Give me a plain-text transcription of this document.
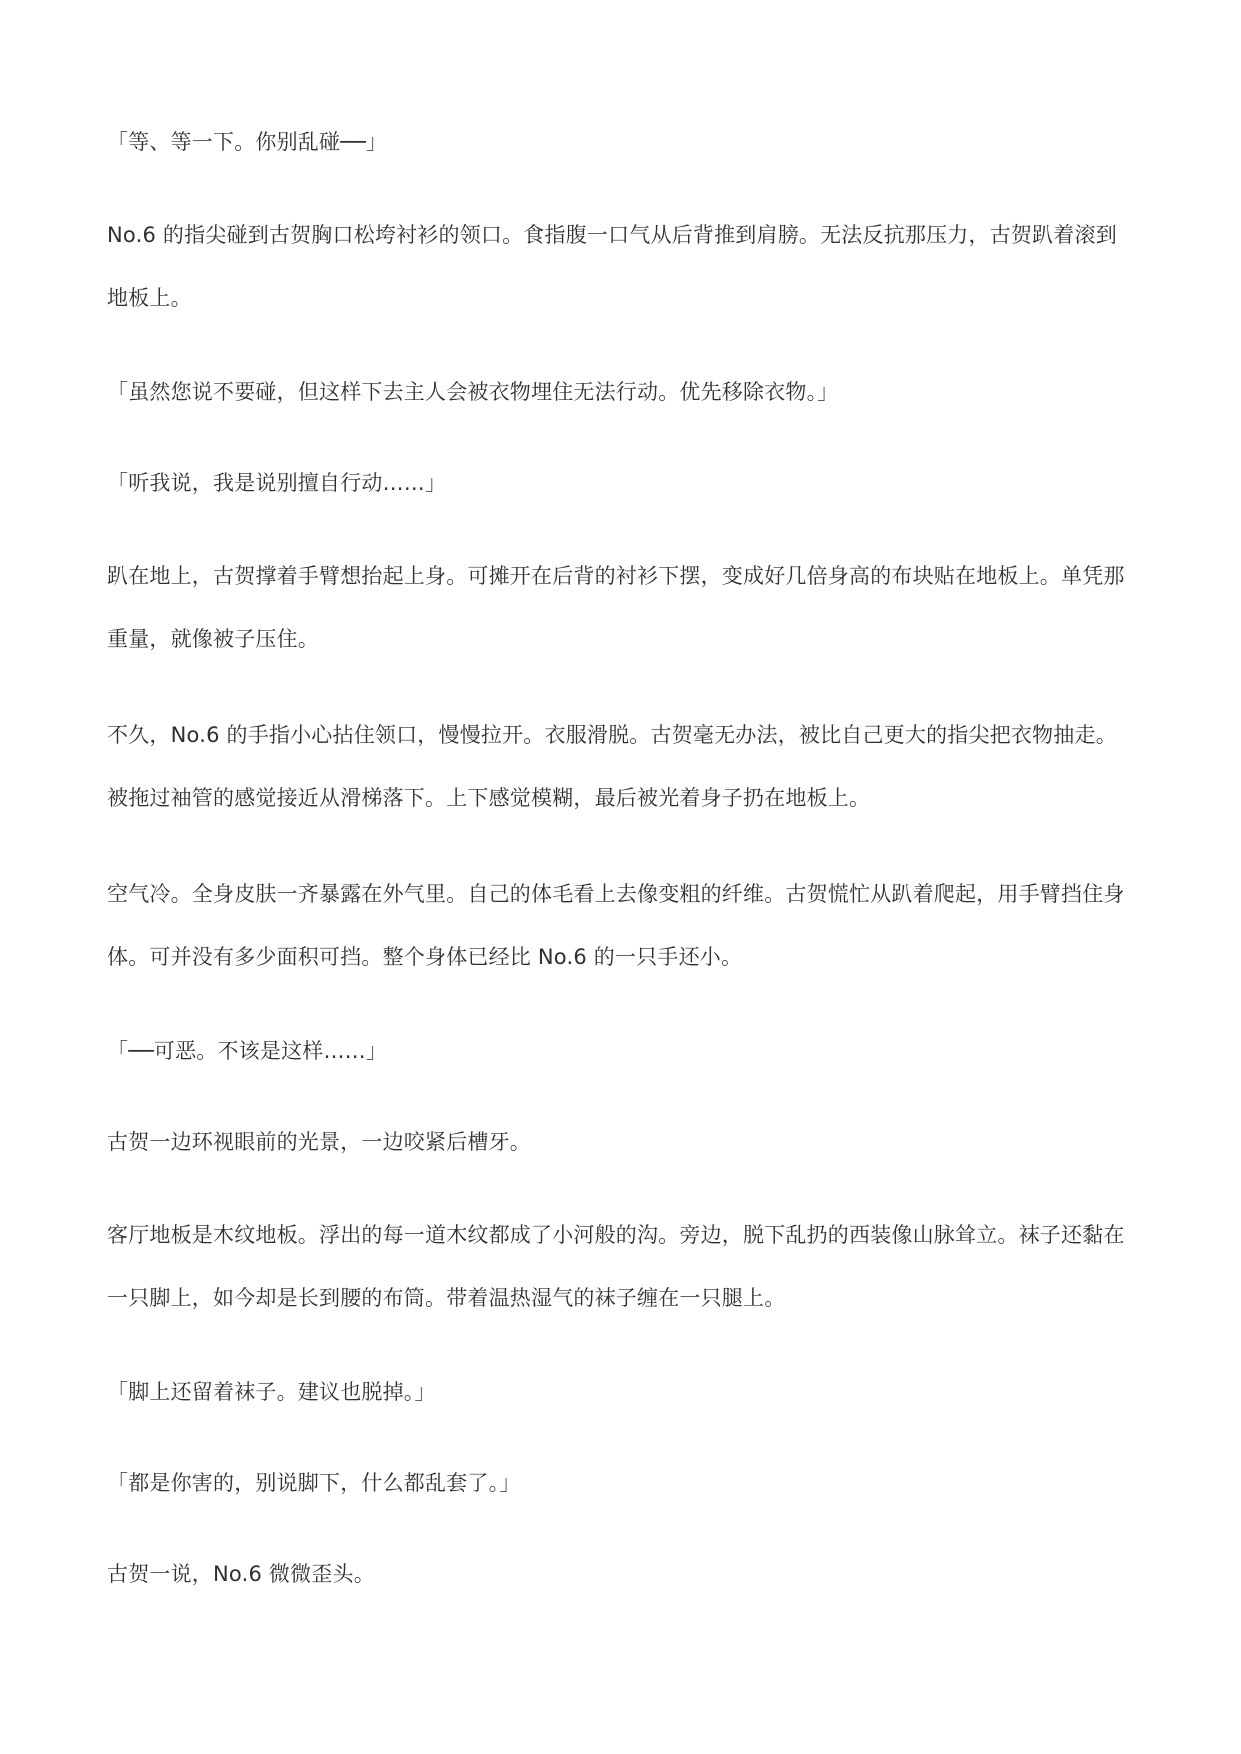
「等、等一下。你别乱碰──」

No.6 的指尖碰到古贺胸口松垮衬衫的领口。食指腹一口气从后背推到肩膀。无法反抗那压力，古贺趴着滚到地板上。

「虽然您说不要碰，但这样下去主人会被衣物埋住无法行动。优先移除衣物。」

「听我说，我是说别擅自行动……」

趴在地上，古贺撑着手臂想抬起上身。可摊开在后背的衬衫下摆，变成好几倍身高的布块贴在地板上。单凭那重量，就像被子压住。

不久，No.6 的手指小心拈住领口，慢慢拉开。衣服滑脱。古贺毫无办法，被比自己更大的指尖把衣物抽走。被拖过袖管的感觉接近从滑梯落下。上下感觉模糊，最后被光着身子扔在地板上。

空气冷。全身皮肤一齐暴露在外气里。自己的体毛看上去像变粗的纤维。古贺慌忙从趴着爬起，用手臂挡住身体。可并没有多少面积可挡。整个身体已经比 No.6 的一只手还小。

「──可恶。不该是这样……」

古贺一边环视眼前的光景，一边咬紧后槽牙。

客厅地板是木纹地板。浮出的每一道木纹都成了小河般的沟。旁边，脱下乱扔的西装像山脉耸立。袜子还黏在一只脚上，如今却是长到腰的布筒。带着温热湿气的袜子缠在一只腿上。

「脚上还留着袜子。建议也脱掉。」

「都是你害的，别说脚下，什么都乱套了。」

古贺一说，No.6 微微歪头。
